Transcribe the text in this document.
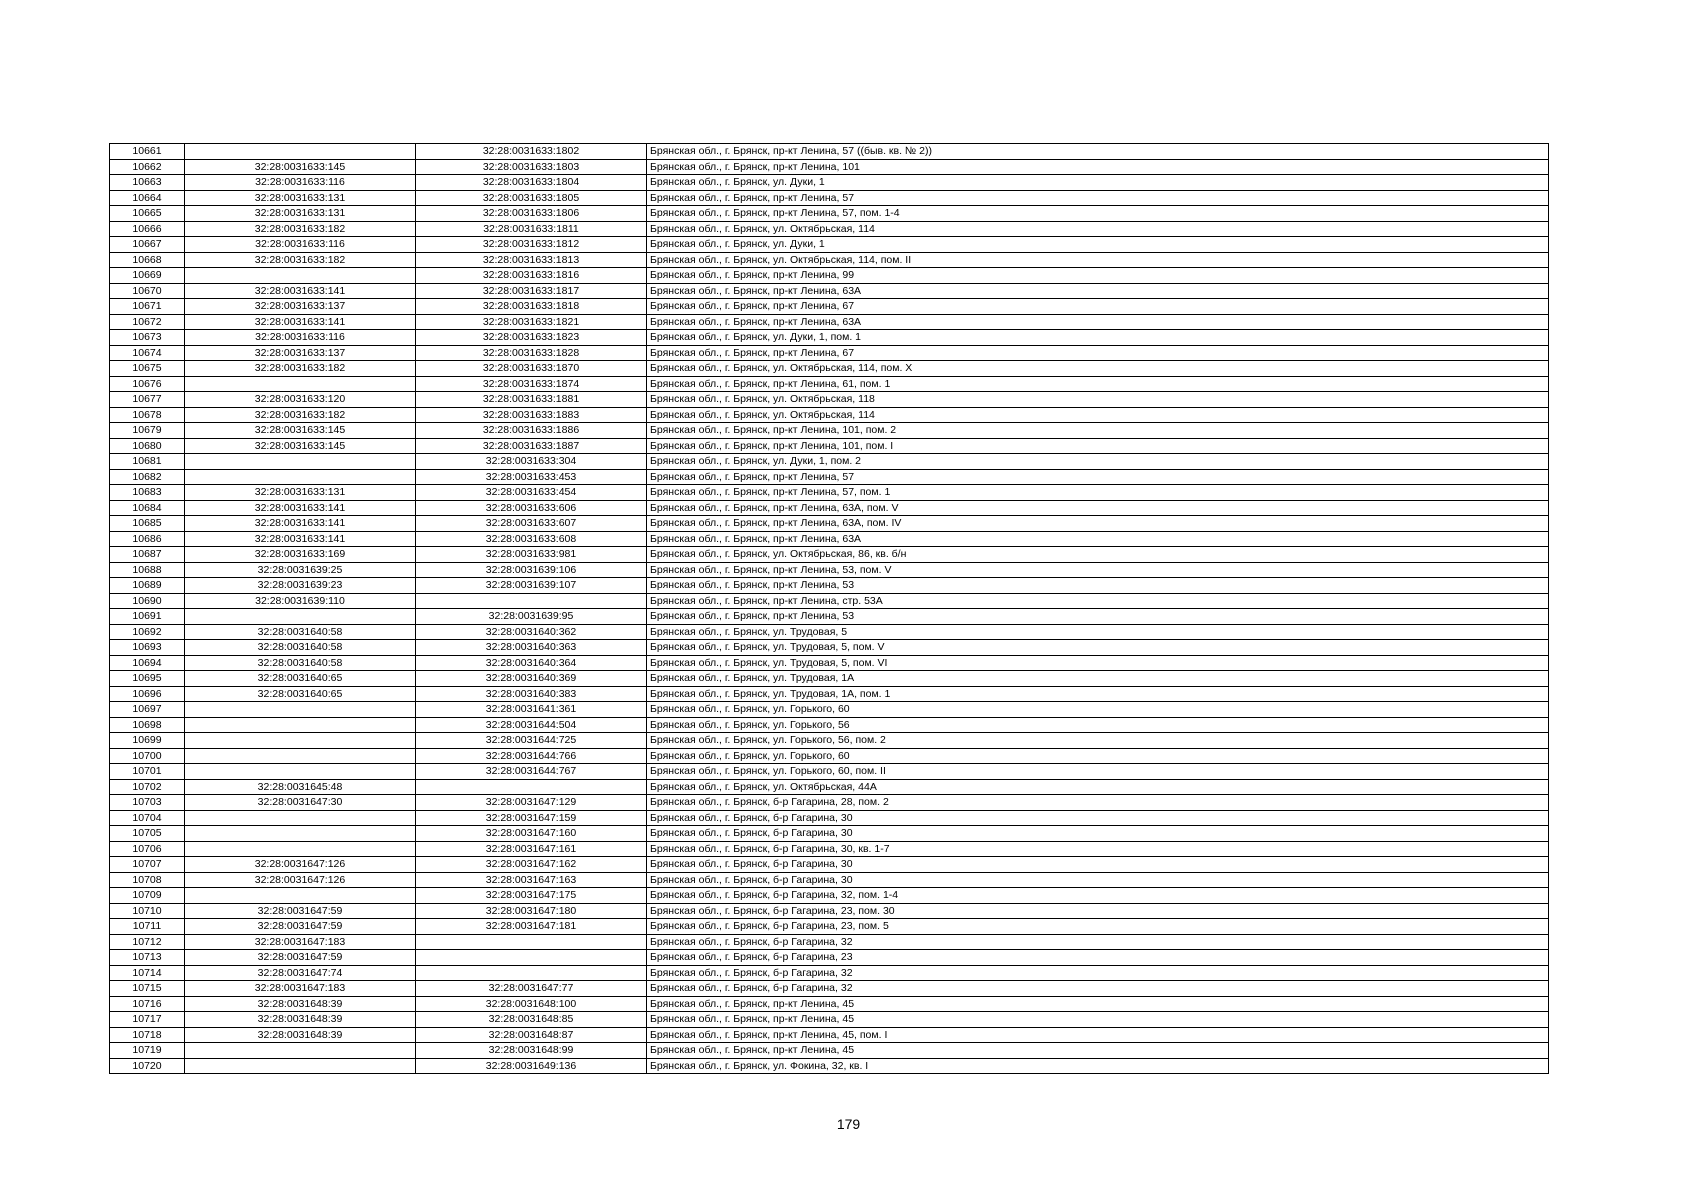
10661		32:28:0031633:1802	Брянская обл., г. Брянск, пр-кт Ленина, 57 ((быв. кв. № 2))
10662	32:28:0031633:145	32:28:0031633:1803	Брянская обл., г. Брянск, пр-кт Ленина, 101
10663	32:28:0031633:116	32:28:0031633:1804	Брянская обл., г. Брянск, ул. Дуки, 1
10664	32:28:0031633:131	32:28:0031633:1805	Брянская обл., г. Брянск, пр-кт Ленина, 57
10665	32:28:0031633:131	32:28:0031633:1806	Брянская обл., г. Брянск, пр-кт Ленина, 57, пом. 1-4
10666	32:28:0031633:182	32:28:0031633:1811	Брянская обл., г. Брянск, ул. Октябрьская, 114
10667	32:28:0031633:116	32:28:0031633:1812	Брянская обл., г. Брянск, ул. Дуки, 1
10668	32:28:0031633:182	32:28:0031633:1813	Брянская обл., г. Брянск, ул. Октябрьская, 114, пом. II
10669		32:28:0031633:1816	Брянская обл., г. Брянск, пр-кт Ленина, 99
10670	32:28:0031633:141	32:28:0031633:1817	Брянская обл., г. Брянск, пр-кт Ленина, 63А
10671	32:28:0031633:137	32:28:0031633:1818	Брянская обл., г. Брянск, пр-кт Ленина, 67
10672	32:28:0031633:141	32:28:0031633:1821	Брянская обл., г. Брянск, пр-кт Ленина, 63А
10673	32:28:0031633:116	32:28:0031633:1823	Брянская обл., г. Брянск, ул. Дуки, 1, пом. 1
10674	32:28:0031633:137	32:28:0031633:1828	Брянская обл., г. Брянск, пр-кт Ленина, 67
10675	32:28:0031633:182	32:28:0031633:1870	Брянская обл., г. Брянск, ул. Октябрьская, 114, пом. X
10676		32:28:0031633:1874	Брянская обл., г. Брянск, пр-кт Ленина, 61, пом. 1
10677	32:28:0031633:120	32:28:0031633:1881	Брянская обл., г. Брянск, ул. Октябрьская, 118
10678	32:28:0031633:182	32:28:0031633:1883	Брянская обл., г. Брянск, ул. Октябрьская, 114
10679	32:28:0031633:145	32:28:0031633:1886	Брянская обл., г. Брянск, пр-кт Ленина, 101, пом. 2
10680	32:28:0031633:145	32:28:0031633:1887	Брянская обл., г. Брянск, пр-кт Ленина, 101, пом. I
10681		32:28:0031633:304	Брянская обл., г. Брянск, ул. Дуки, 1, пом. 2
10682		32:28:0031633:453	Брянская обл., г. Брянск, пр-кт Ленина, 57
10683	32:28:0031633:131	32:28:0031633:454	Брянская обл., г. Брянск, пр-кт Ленина, 57, пом. 1
10684	32:28:0031633:141	32:28:0031633:606	Брянская обл., г. Брянск, пр-кт Ленина, 63А, пом. V
10685	32:28:0031633:141	32:28:0031633:607	Брянская обл., г. Брянск, пр-кт Ленина, 63А, пом. IV
10686	32:28:0031633:141	32:28:0031633:608	Брянская обл., г. Брянск, пр-кт Ленина, 63А
10687	32:28:0031633:169	32:28:0031633:981	Брянская обл., г. Брянск, ул. Октябрьская, 86, кв. б/н
10688	32:28:0031639:25	32:28:0031639:106	Брянская обл., г. Брянск, пр-кт Ленина, 53, пом. V
10689	32:28:0031639:23	32:28:0031639:107	Брянская обл., г. Брянск, пр-кт Ленина, 53
10690	32:28:0031639:110		Брянская обл., г. Брянск, пр-кт Ленина, стр. 53А
10691		32:28:0031639:95	Брянская обл., г. Брянск, пр-кт Ленина, 53
10692	32:28:0031640:58	32:28:0031640:362	Брянская обл., г. Брянск, ул. Трудовая, 5
10693	32:28:0031640:58	32:28:0031640:363	Брянская обл., г. Брянск, ул. Трудовая, 5, пом. V
10694	32:28:0031640:58	32:28:0031640:364	Брянская обл., г. Брянск, ул. Трудовая, 5, пом. VI
10695	32:28:0031640:65	32:28:0031640:369	Брянская обл., г. Брянск, ул. Трудовая, 1А
10696	32:28:0031640:65	32:28:0031640:383	Брянская обл., г. Брянск, ул. Трудовая, 1А, пом. 1
10697		32:28:0031641:361	Брянская обл., г. Брянск, ул. Горького, 60
10698		32:28:0031644:504	Брянская обл., г. Брянск, ул. Горького, 56
10699		32:28:0031644:725	Брянская обл., г. Брянск, ул. Горького, 56, пом. 2
10700		32:28:0031644:766	Брянская обл., г. Брянск, ул. Горького, 60
10701		32:28:0031644:767	Брянская обл., г. Брянск, ул. Горького, 60, пом. II
10702	32:28:0031645:48		Брянская обл., г. Брянск, ул. Октябрьская, 44А
10703	32:28:0031647:30	32:28:0031647:129	Брянская обл., г. Брянск, б-р Гагарина, 28, пом. 2
10704		32:28:0031647:159	Брянская обл., г. Брянск, б-р Гагарина, 30
10705		32:28:0031647:160	Брянская обл., г. Брянск, б-р Гагарина, 30
10706		32:28:0031647:161	Брянская обл., г. Брянск, б-р Гагарина, 30, кв. 1-7
10707	32:28:0031647:126	32:28:0031647:162	Брянская обл., г. Брянск, б-р Гагарина, 30
10708	32:28:0031647:126	32:28:0031647:163	Брянская обл., г. Брянск, б-р Гагарина, 30
10709		32:28:0031647:175	Брянская обл., г. Брянск, б-р Гагарина, 32, пом. 1-4
10710	32:28:0031647:59	32:28:0031647:180	Брянская обл., г. Брянск, б-р Гагарина, 23, пом. 30
10711	32:28:0031647:59	32:28:0031647:181	Брянская обл., г. Брянск, б-р Гагарина, 23, пом. 5
10712	32:28:0031647:183		Брянская обл., г. Брянск, б-р Гагарина, 32
10713	32:28:0031647:59		Брянская обл., г. Брянск, б-р Гагарина, 23
10714	32:28:0031647:74		Брянская обл., г. Брянск, б-р Гагарина, 32
10715	32:28:0031647:183	32:28:0031647:77	Брянская обл., г. Брянск, б-р Гагарина, 32
10716	32:28:0031648:39	32:28:0031648:100	Брянская обл., г. Брянск, пр-кт Ленина, 45
10717	32:28:0031648:39	32:28:0031648:85	Брянская обл., г. Брянск, пр-кт Ленина, 45
10718	32:28:0031648:39	32:28:0031648:87	Брянская обл., г. Брянск, пр-кт Ленина, 45, пом. I
10719		32:28:0031648:99	Брянская обл., г. Брянск, пр-кт Ленина, 45
10720		32:28:0031649:136	Брянская обл., г. Брянск, ул. Фокина, 32, кв. I
179
